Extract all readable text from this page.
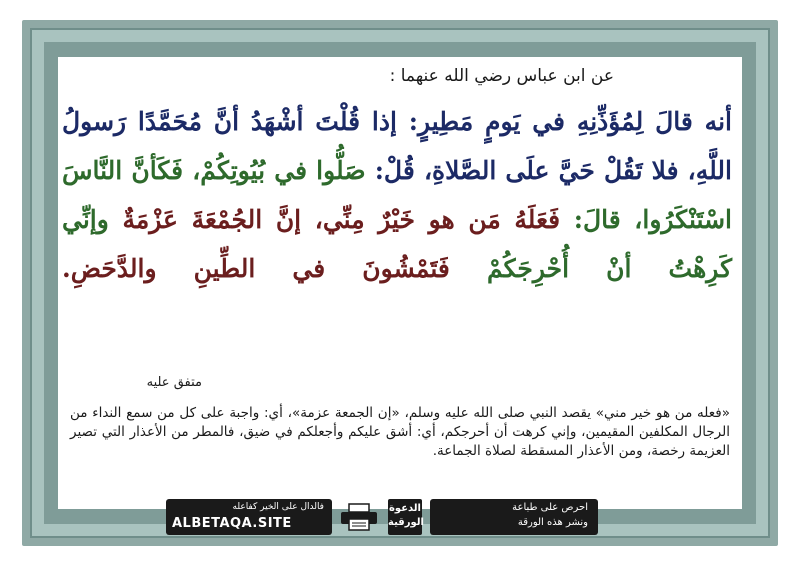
عن ابن عباس رضي الله عنهما :
أنه قالَ لِمُؤَذِّنِهِ في يَومٍ مَطِيرٍ: إذا قُلْتَ أشْهَدُ أنَّ مُحَمَّدًا رَسولُ اللَّهِ، فلا تَقُلْ حَيَّ علَى الصَّلاةِ، قُلْ: صَلُّوا في بُيُوتِكُمْ، فَكَأنَّ النَّاسَ اسْتَنْكَرُوا، قالَ: فَعَلَهُ مَن هو خَيْرٌ مِنِّي، إنَّ الجُمْعَةَ عَزْمَةٌ وإنِّي كَرِهْتُ أنْ أُحْرِجَكُمْ فَتَمْشُونَ في الطِّينِ والدَّحَضِ.
متفق عليه
«فعله من هو خير مني» يقصد النبي صلى الله عليه وسلم، «إن الجمعة عزمة»، أي: واجبة على كل من سمع النداء من الرجال المكلفين المقيمين، وإني كرهت أن أحرجكم، أي: أشق عليكم وأجعلكم في ضيق، فالمطر من الأعذار التي تصير العزيمة رخصة، ومن الأعذار المسقطة لصلاة الجماعة.
فالدال على الخير كفاعله
ALBETAQA.SITE
الدعوة
الورقية
احرص على طباعة
ونشر هذه الورقة
